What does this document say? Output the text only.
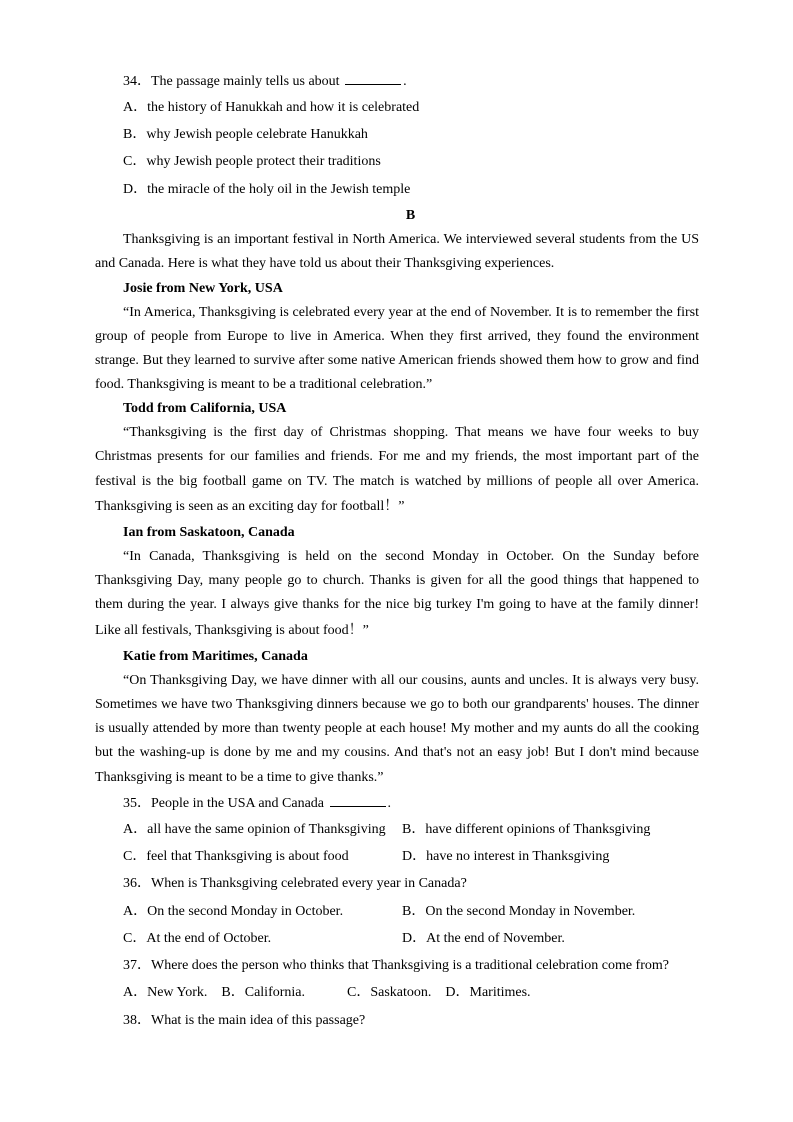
34．The passage mainly tells us about	.
A．the history of Hanukkah and how it is celebrated
B．why Jewish people celebrate Hanukkah
C．why Jewish people protect their traditions
D．the miracle of the holy oil in the Jewish temple
B
Thanksgiving is an important festival in North America. We interviewed several students from the US
and Canada. Here is what they have told us about their Thanksgiving experiences.
Josie from New York, USA
“In America, Thanksgiving is celebrated every year at the end of November. It is to remember the first
group of people from Europe to live in America. When they first arrived, they found the environment
strange. But they learned to survive after some native American friends showed them how to grow and find
food. Thanksgiving is meant to be a traditional celebration.”
Todd from California, USA
“Thanksgiving is the first day of Christmas shopping. That means we have four weeks to buy
Christmas presents for our families and friends. For me and my friends, the most important part of the
festival is the big football game on TV. The match is watched by millions of people all over America.
Thanksgiving is seen as an exciting day for football！”
Ian from Saskatoon, Canada
“In Canada, Thanksgiving is held on the second Monday in October. On the Sunday before
Thanksgiving Day, many people go to church. Thanks is given for all the good things that happened to
them during the year. I always give thanks for the nice big turkey I'm going to have at the family dinner!
Like all festivals, Thanksgiving is about food！”
Katie from Maritimes, Canada
“On Thanksgiving Day, we have dinner with all our cousins, aunts and uncles. It is always very busy.
Sometimes we have two Thanksgiving dinners because we go to both our grandparents' houses. The dinner
is usually attended by more than twenty people at each house! My mother and my aunts do all the cooking
but the washing-up is done by me and my cousins. And that's not an easy job! But I don't mind because
Thanksgiving is meant to be a time to give thanks.”
35．People in the USA and Canada	.
A．all have the same opinion of Thanksgiving B．have different opinions of Thanksgiving
C．feel that Thanksgiving is about food	D．have no interest in Thanksgiving
36．When is Thanksgiving celebrated every year in Canada?
A．On the second Monday in October.	B．On the second Monday in November.
C．At the end of October.	D．At the end of November.
37．Where does the person who thinks that Thanksgiving is a traditional celebration come from?
A．New York.　B．California.　　　C．Saskatoon.　D．Maritimes.
38．What is the main idea of this passage?
